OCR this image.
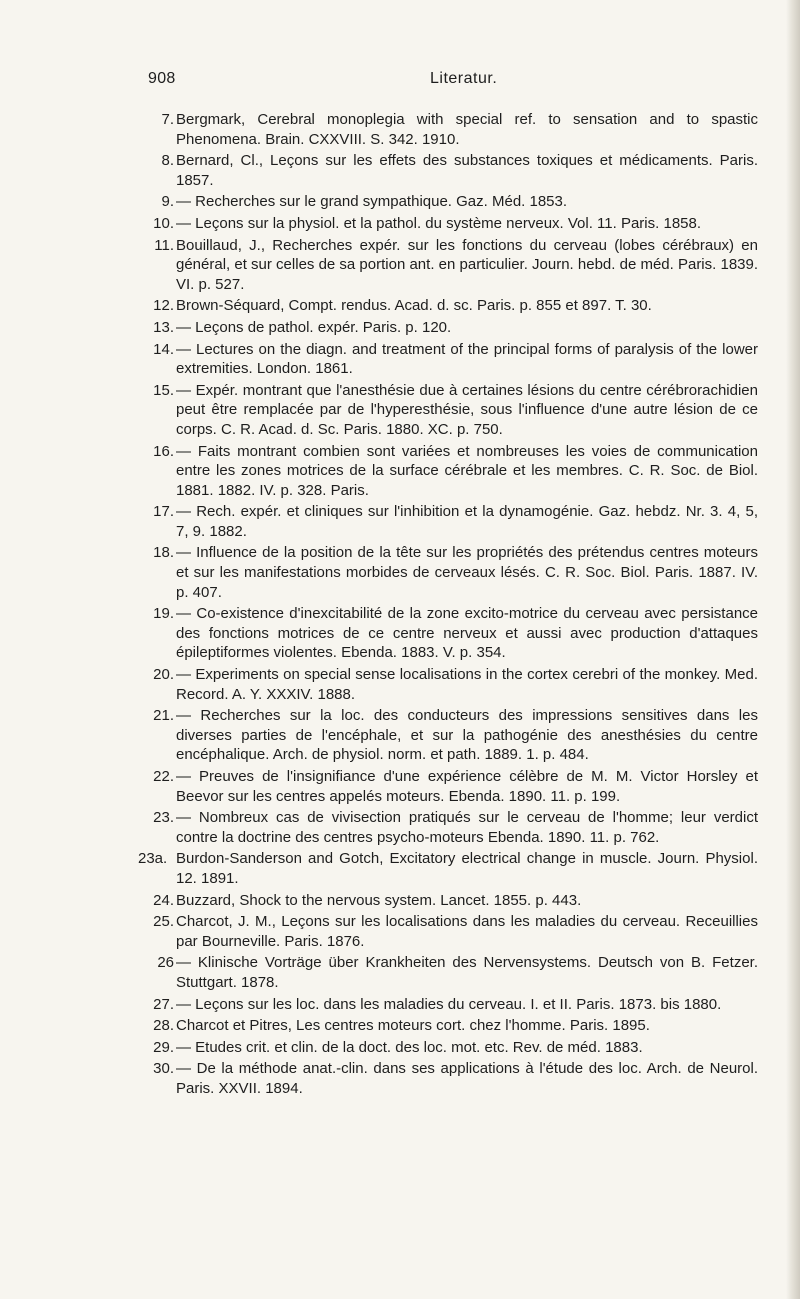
908	Literatur.
7. Bergmark, Cerebral monoplegia with special ref. to sensation and to spastic Phenomena. Brain. CXXVIII. S. 342. 1910.
8. Bernard, Cl., Leçons sur les effets des substances toxiques et médicaments. Paris. 1857.
9. — Recherches sur le grand sympathique. Gaz. Méd. 1853.
10. — Leçons sur la physiol. et la pathol. du système nerveux. Vol. 11. Paris. 1858.
11. Bouillaud, J., Recherches expér. sur les fonctions du cerveau (lobes cérébraux) en général, et sur celles de sa portion ant. en particulier. Journ. hebd. de méd. Paris. 1839. VI. p. 527.
12. Brown-Séquard, Compt. rendus. Acad. d. sc. Paris. p. 855 et 897. T. 30.
13. — Leçons de pathol. expér. Paris. p. 120.
14. — Lectures on the diagn. and treatment of the principal forms of paralysis of the lower extremities. London. 1861.
15. — Expér. montrant que l'anesthésie due à certaines lésions du centre cérébrorachidien peut être remplacée par de l'hyperesthésie, sous l'influence d'une autre lésion de ce corps. C. R. Acad. d. Sc. Paris. 1880. XC. p. 750.
16. — Faits montrant combien sont variées et nombreuses les voies de communication entre les zones motrices de la surface cérébrale et les membres. C. R. Soc. de Biol. 1881. 1882. IV. p. 328. Paris.
17. — Rech. expér. et cliniques sur l'inhibition et la dynamogénie. Gaz. hebdz. Nr. 3. 4, 5, 7, 9. 1882.
18. — Influence de la position de la tête sur les propriétés des prétendus centres moteurs et sur les manifestations morbides de cerveaux lésés. C. R. Soc. Biol. Paris. 1887. IV. p. 407.
19. — Co-existence d'inexcitabilité de la zone excito-motrice du cerveau avec persistance des fonctions motrices de ce centre nerveux et aussi avec production d'attaques épileptiformes violentes. Ebenda. 1883. V. p. 354.
20. — Experiments on special sense localisations in the cortex cerebri of the monkey. Med. Record. A. Y. XXXIV. 1888.
21. — Recherches sur la loc. des conducteurs des impressions sensitives dans les diverses parties de l'encéphale, et sur la pathogénie des anesthésies du centre encéphalique. Arch. de physiol. norm. et path. 1889. 1. p. 484.
22. — Preuves de l'insignifiance d'une expérience célèbre de M. M. Victor Horsley et Beevor sur les centres appelés moteurs. Ebenda. 1890. 11. p. 199.
23. — Nombreux cas de vivisection pratiqués sur le cerveau de l'homme; leur verdict contre la doctrine des centres psycho-moteurs Ebenda. 1890. 11. p. 762.
23a. Burdon-Sanderson and Gotch, Excitatory electrical change in muscle. Journ. Physiol. 12. 1891.
24. Buzzard, Shock to the nervous system. Lancet. 1855. p. 443.
25. Charcot, J. M., Leçons sur les localisations dans les maladies du cerveau. Receuillies par Bourneville. Paris. 1876.
26 — Klinische Vorträge über Krankheiten des Nervensystems. Deutsch von B. Fetzer. Stuttgart. 1878.
27. — Leçons sur les loc. dans les maladies du cerveau. I. et II. Paris. 1873. bis 1880.
28. Charcot et Pitres, Les centres moteurs cort. chez l'homme. Paris. 1895.
29. — Etudes crit. et clin. de la doct. des loc. mot. etc. Rev. de méd. 1883.
30. — De la méthode anat.-clin. dans ses applications à l'étude des loc. Arch. de Neurol. Paris. XXVII. 1894.
